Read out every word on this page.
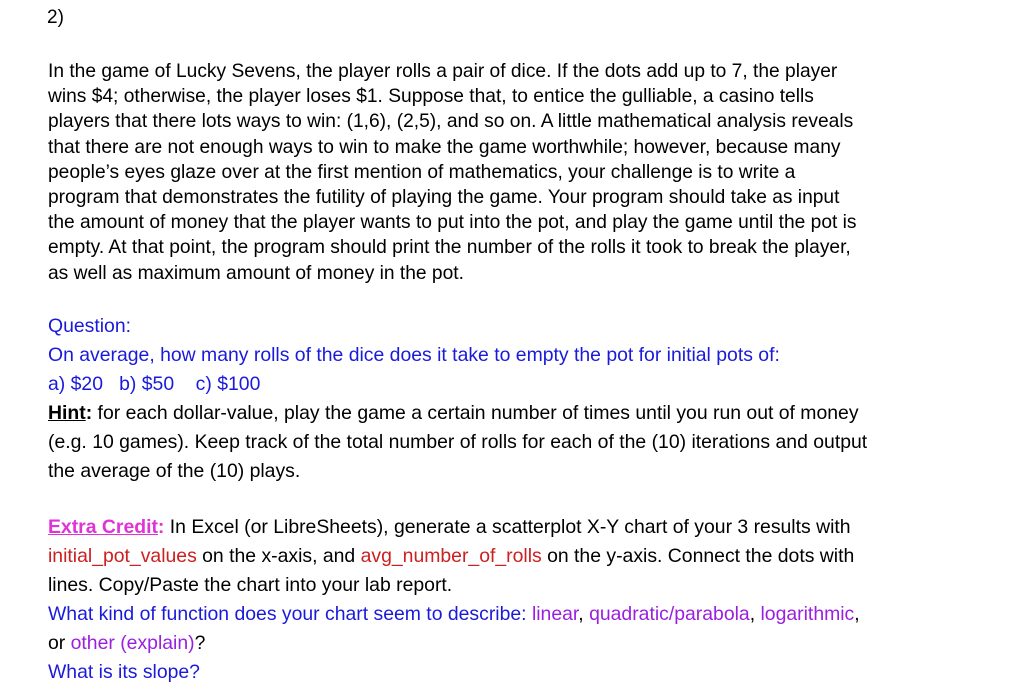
2)

In the game of Lucky Sevens, the player rolls a pair of dice. If the dots add up to 7, the player
wins $4; otherwise, the player loses $1. Suppose that, to entice the gulliable, a casino tells
players that there lots ways to win: (1,6), (2,5), and so on. A little mathematical analysis reveals
that there are not enough ways to win to make the game worthwhile; however, because many
people’s eyes glaze over at the first mention of mathematics, your challenge is to write a
program that demonstrates the futility of playing the game. Your program should take as input
the amount of money that the player wants to put into the pot, and play the game until the pot is
empty. At that point, the program should print the number of the rolls it took to break the player,
as well as maximum amount of money in the pot.

Question:
On average, how many rolls of the dice does it take to empty the pot for initial pots of:
a) $20   b) $50    c) $100
Hint: for each dollar-value, play the game a certain number of times until you run out of money
(e.g. 10 games). Keep track of the total number of rolls for each of the (10) iterations and output
the average of the (10) plays.
Extra Credit: In Excel (or LibreSheets), generate a scatterplot X-Y chart of your 3 results with
initial_pot_values on the x-axis, and avg_number_of_rolls on the y-axis. Connect the dots with
lines. Copy/Paste the chart into your lab report.
What kind of function does your chart seem to describe: linear, quadratic/parabola, logarithmic,
or other (explain)?
What is its slope?
